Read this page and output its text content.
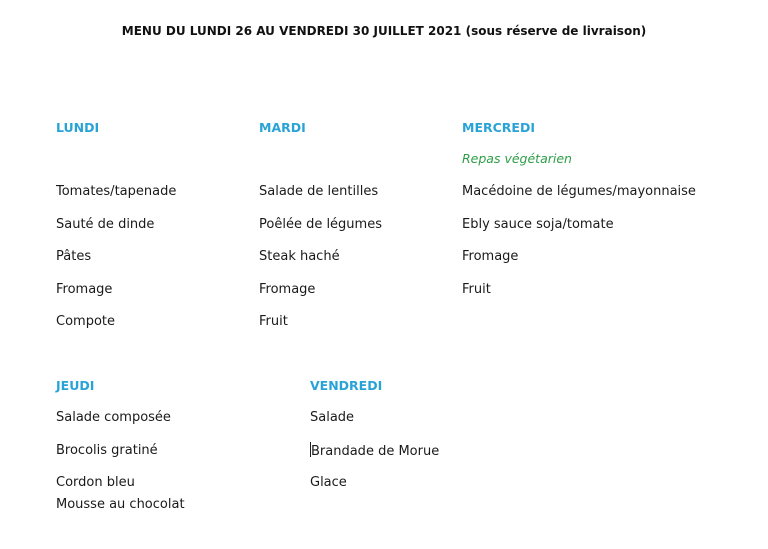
MENU DU LUNDI 26 AU VENDREDI 30 JUILLET 2021 (sous réserve de livraison)
LUNDI
Tomates/tapenade
Sauté de dinde
Pâtes
Fromage
Compote
MARDI
Salade de lentilles
Poêlée de légumes
Steak haché
Fromage
Fruit
MERCREDI
Repas végétarien
Macédoine de légumes/mayonnaise
Ebly sauce soja/tomate
Fromage
Fruit
JEUDI
Salade composée
Brocolis gratiné
Cordon bleu
Mousse au chocolat
VENDREDI
Salade
Brandade de Morue
Glace
